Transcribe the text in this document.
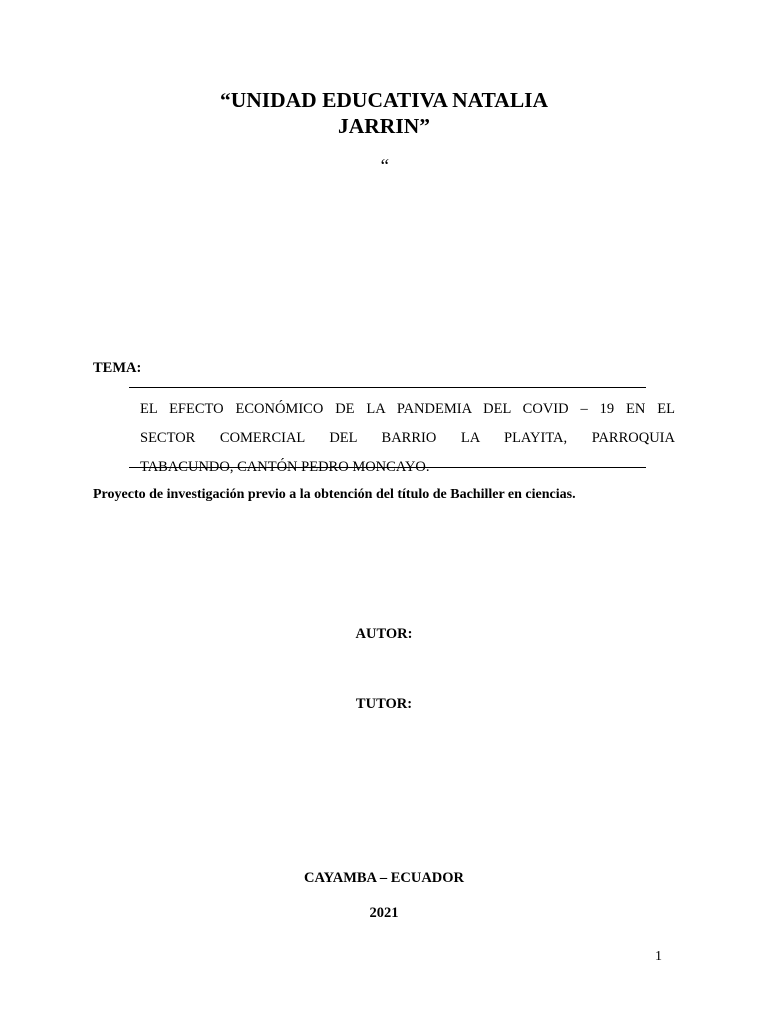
“UNIDAD EDUCATIVA NATALIA
JARRIN”
“
TEMA:
EL EFECTO ECONÓMICO DE LA PANDEMIA DEL COVID – 19 EN EL
SECTOR COMERCIAL DEL BARRIO LA PLAYITA, PARROQUIA
TABACUNDO, CANTÓN PEDRO MONCAYO.
Proyecto de investigación previo a la obtención del título de Bachiller en ciencias.
AUTOR:
TUTOR:
CAYAMBA – ECUADOR
2021
1
